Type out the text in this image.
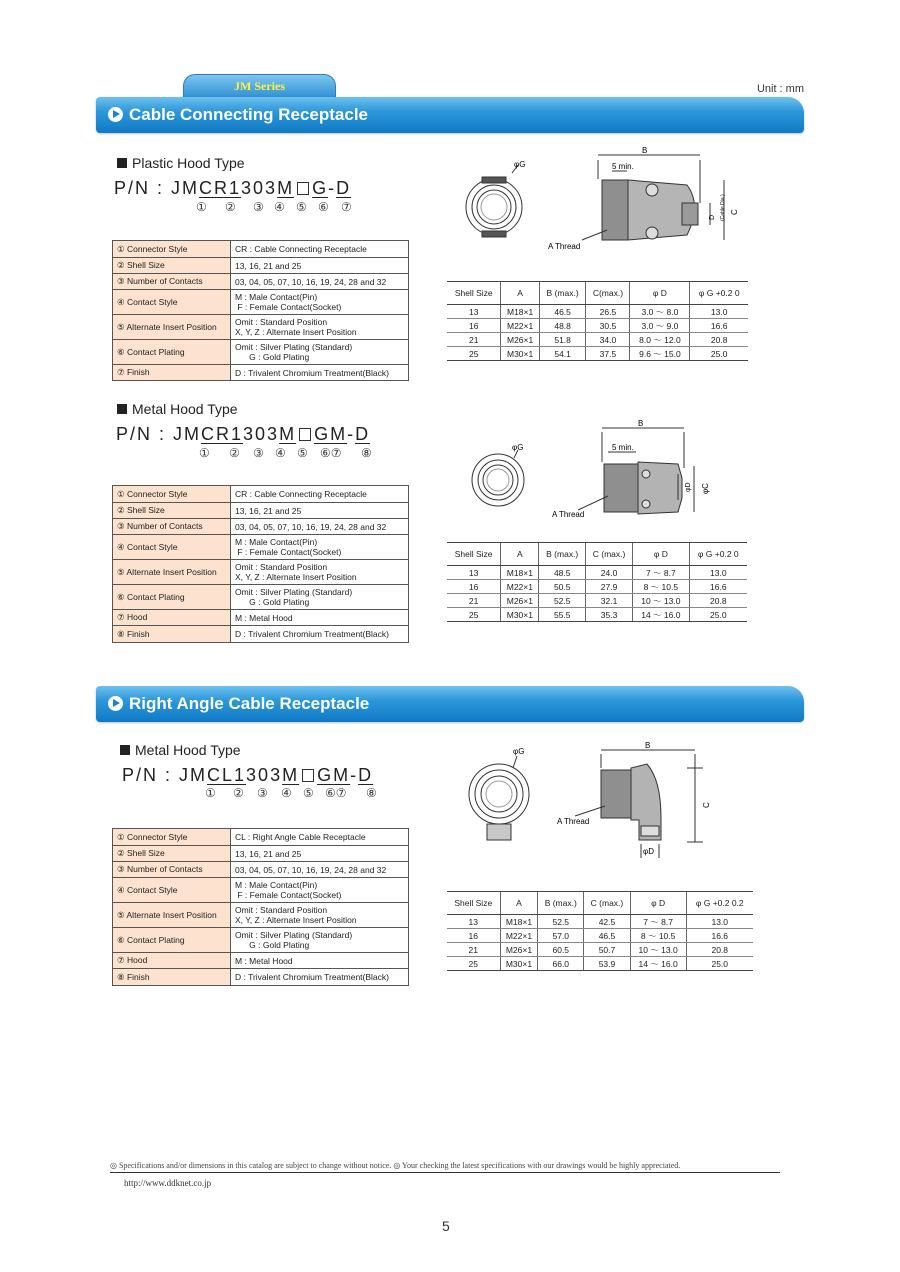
JM Series	Unit : mm
Cable Connecting Receptacle
Plastic Hood Type
P/N : JMCR1303M G-D
① ② ③ ④ ⑤ ⑥ ⑦
① Connector Style	CR : Cable Connecting Receptacle
② Shell Size	13, 16, 21 and 25
③ Number of Contacts	03, 04, 05, 07, 10, 16, 19, 24, 28 and 32
④ Contact Style	M : Male Contact(Pin)
F : Female Contact(Socket)

⑤ Alternate Insert Position	Omit : Standard Position
X, Y, Z : Alternate Insert Position

⑥ Contact Plating	Omit : Silver Plating (Standard)
G : Gold Plating

⑦ Finish	D : Trivalent Chromium Treatment(Black)
φG
B
5 min.
A Thread
D (Cable Dia.) C
Shell Size	A	B (max.)	C(max.)	φ D	φ G +0.2 0
13	M18×1	46.5	26.5	3.0 ～ 8.0	13.0
16	M22×1	48.8	30.5	3.0 ～ 9.0	16.6
21	M26×1	51.8	34.0	8.0 ～ 12.0	20.8
25	M30×1	54.1	37.5	9.6 ～ 15.0	25.0
Metal Hood Type
P/N : JMCR1303M GM-D
① ② ③ ④ ⑤ ⑥⑦ ⑧
① Connector Style	CR : Cable Connecting Receptacle
② Shell Size	13, 16, 21 and 25
③ Number of Contacts	03, 04, 05, 07, 10, 16, 19, 24, 28 and 32
④ Contact Style	M : Male Contact(Pin)
F : Female Contact(Socket)

⑤ Alternate Insert Position	Omit : Standard Position
X, Y, Z : Alternate Insert Position

⑥ Contact Plating	Omit : Silver Plating (Standard)
G : Gold Plating

⑦ Hood	M : Metal Hood
⑧ Finish	D : Trivalent Chromium Treatment(Black)
φG
B
5 min.
A Thread
φD φC
Shell Size	A	B (max.)	C (max.)	φ D	φ G +0.2 0
13	M18×1	48.5	24.0	7 ～ 8.7	13.0
16	M22×1	50.5	27.9	8 ～ 10.5	16.6
21	M26×1	52.5	32.1	10 ～ 13.0	20.8
25	M30×1	55.5	35.3	14 ～ 16.0	25.0
Right Angle Cable Receptacle
Metal Hood Type
P/N : JMCL1303M GM-D
① ② ③ ④ ⑤ ⑥⑦ ⑧
① Connector Style	CL : Right Angle Cable Receptacle
② Shell Size	13, 16, 21 and 25
③ Number of Contacts	03, 04, 05, 07, 10, 16, 19, 24, 28 and 32
④ Contact Style	M : Male Contact(Pin)
F : Female Contact(Socket)

⑤ Alternate Insert Position	Omit : Standard Position
X, Y, Z : Alternate Insert Position

⑥ Contact Plating	Omit : Silver Plating (Standard)
G : Gold Plating

⑦ Hood	M : Metal Hood
⑧ Finish	D : Trivalent Chromium Treatment(Black)
φG
B
A Thread
φD
C
Shell Size	A	B (max.)	C (max.)	φ D	φ G +0.2 0.2
13	M18×1	52.5	42.5	7 ～ 8.7	13.0
16	M22×1	57.0	46.5	8 ～ 10.5	16.6
21	M26×1	60.5	50.7	10 ～ 13.0	20.8
25	M30×1	66.0	53.9	14 ～ 16.0	25.0
◎ Specifications and/or dimensions in this catalog are subject to change without notice. ◎ Your checking the latest specifications with our drawings would be highly appreciated.
http://www.ddknet.co.jp
5
